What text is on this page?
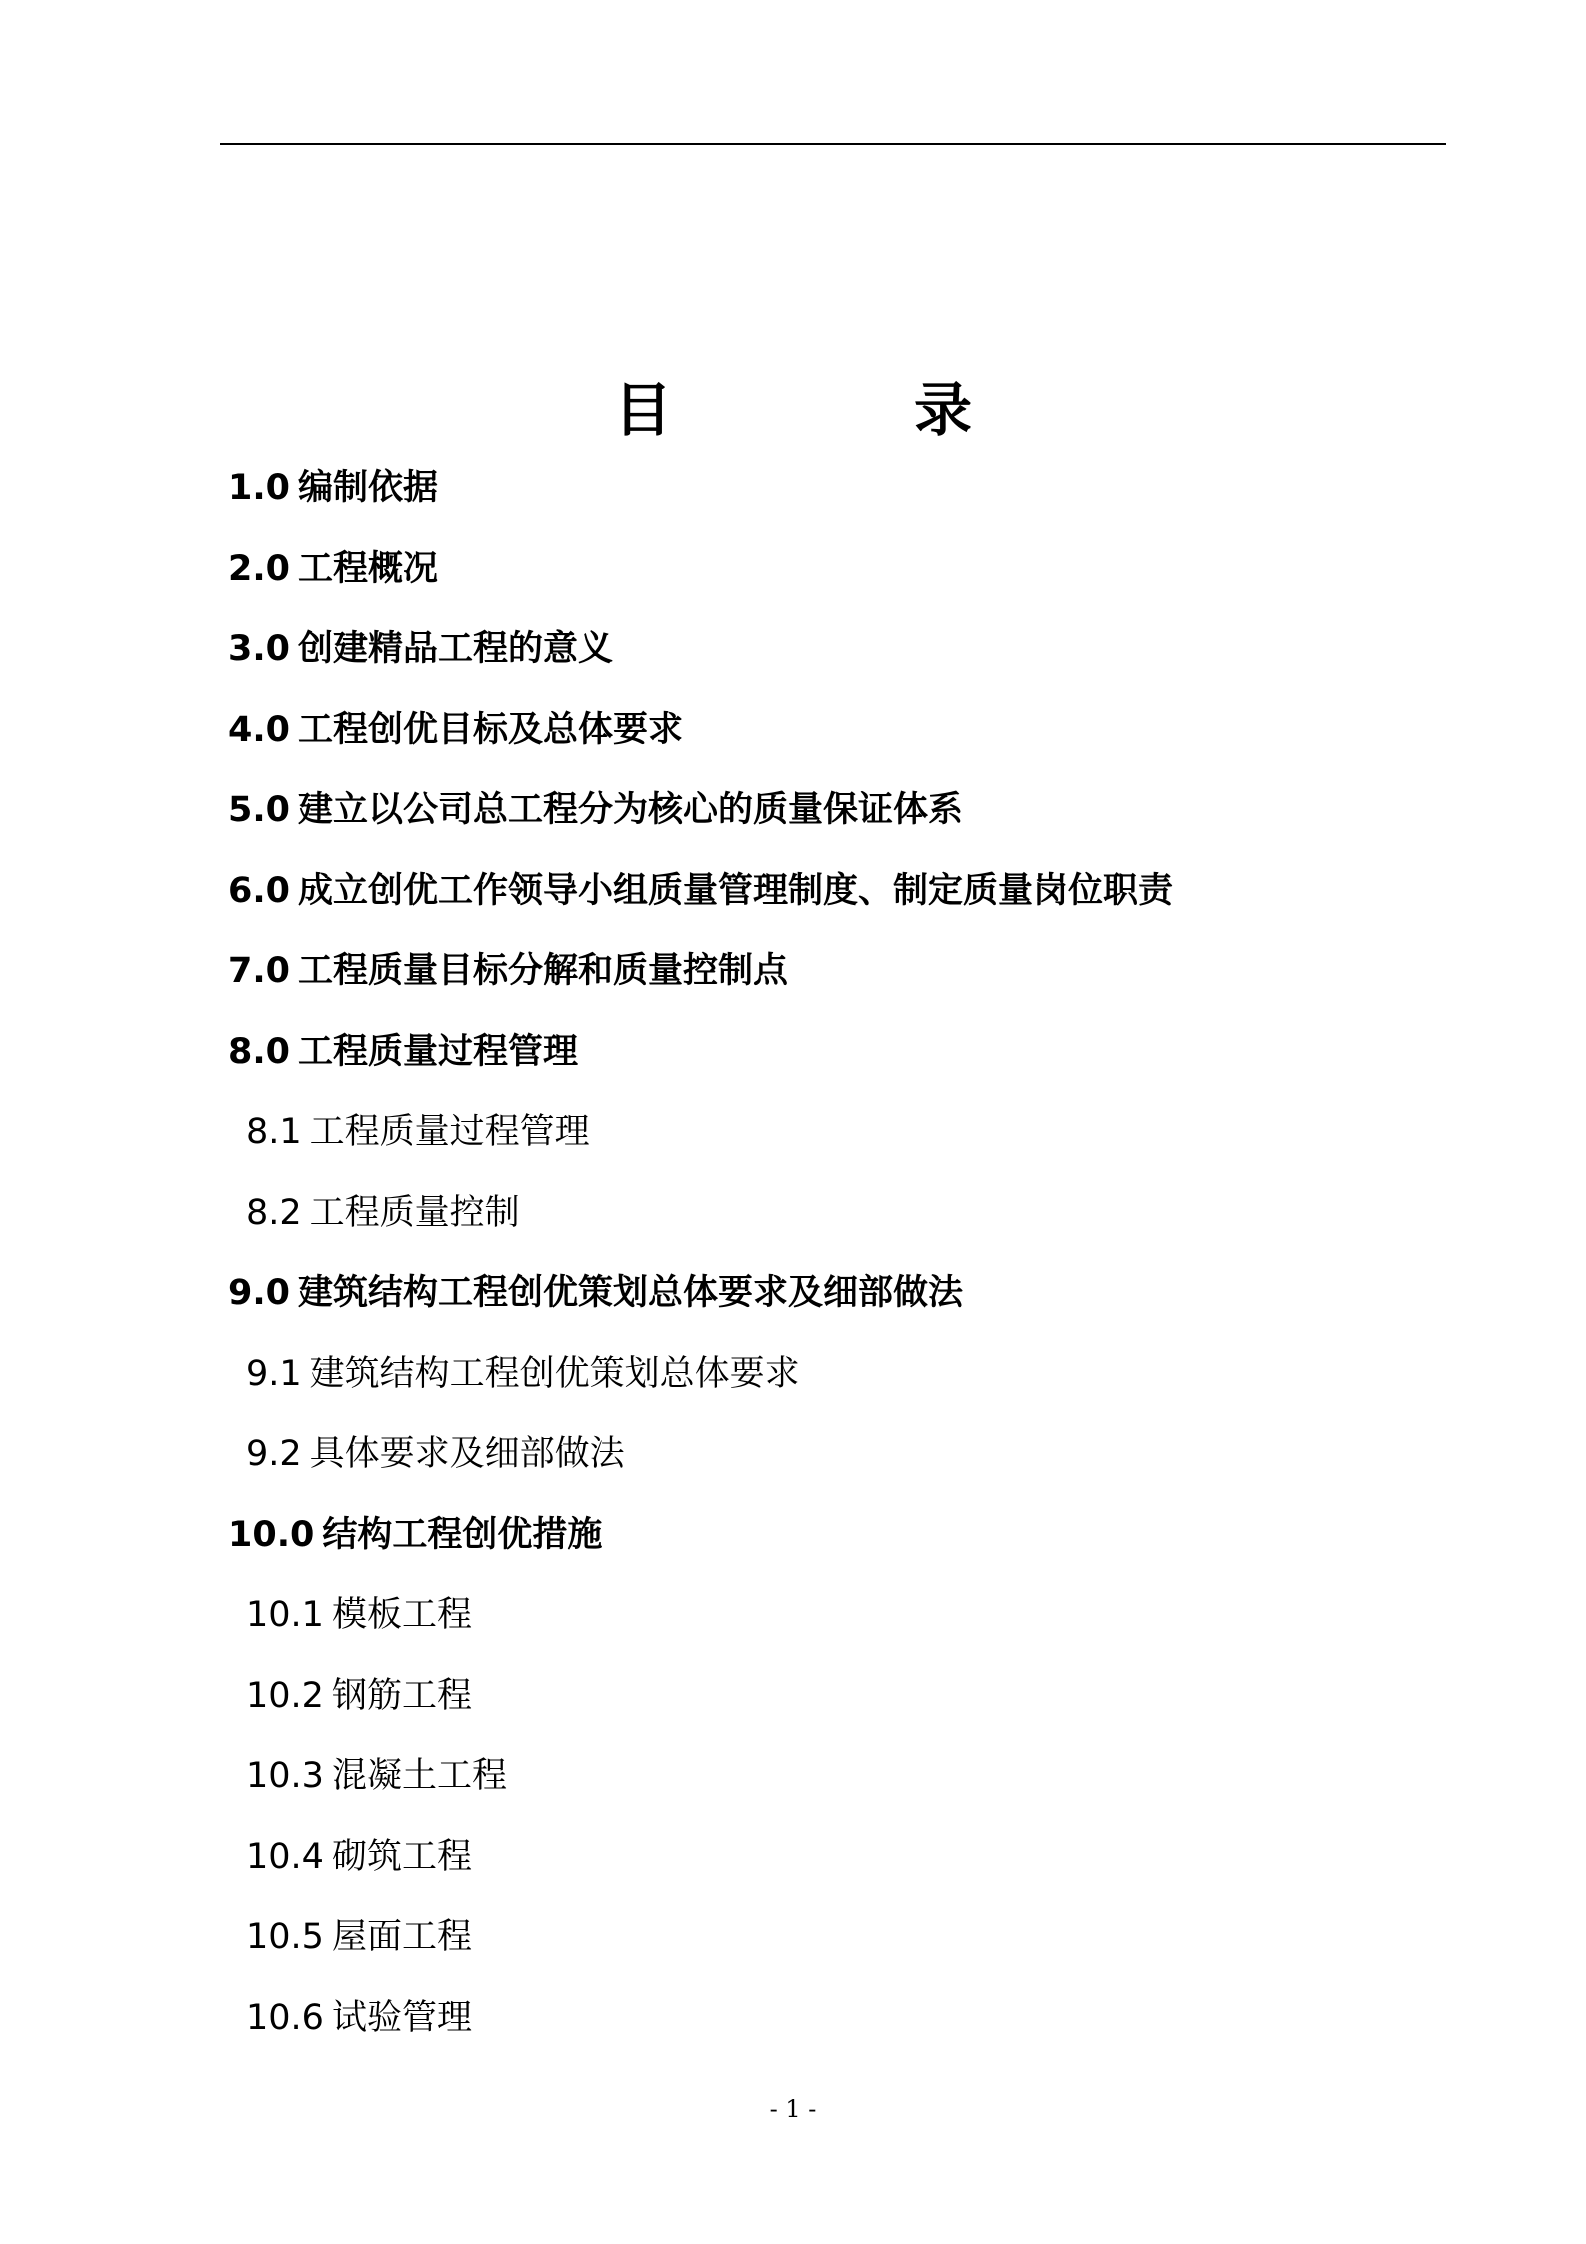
目　录
1.0 编制依据
2.0 工程概况
3.0 创建精品工程的意义
4.0 工程创优目标及总体要求
5.0 建立以公司总工程分为核心的质量保证体系
6.0 成立创优工作领导小组质量管理制度、制定质量岗位职责
7.0 工程质量目标分解和质量控制点
8.0 工程质量过程管理
8.1 工程质量过程管理
8.2 工程质量控制
9.0 建筑结构工程创优策划总体要求及细部做法
9.1 建筑结构工程创优策划总体要求
9.2 具体要求及细部做法
10.0 结构工程创优措施
10.1 模板工程
10.2 钢筋工程
10.3 混凝土工程
10.4 砌筑工程
10.5 屋面工程
10.6 试验管理
- 1 -
